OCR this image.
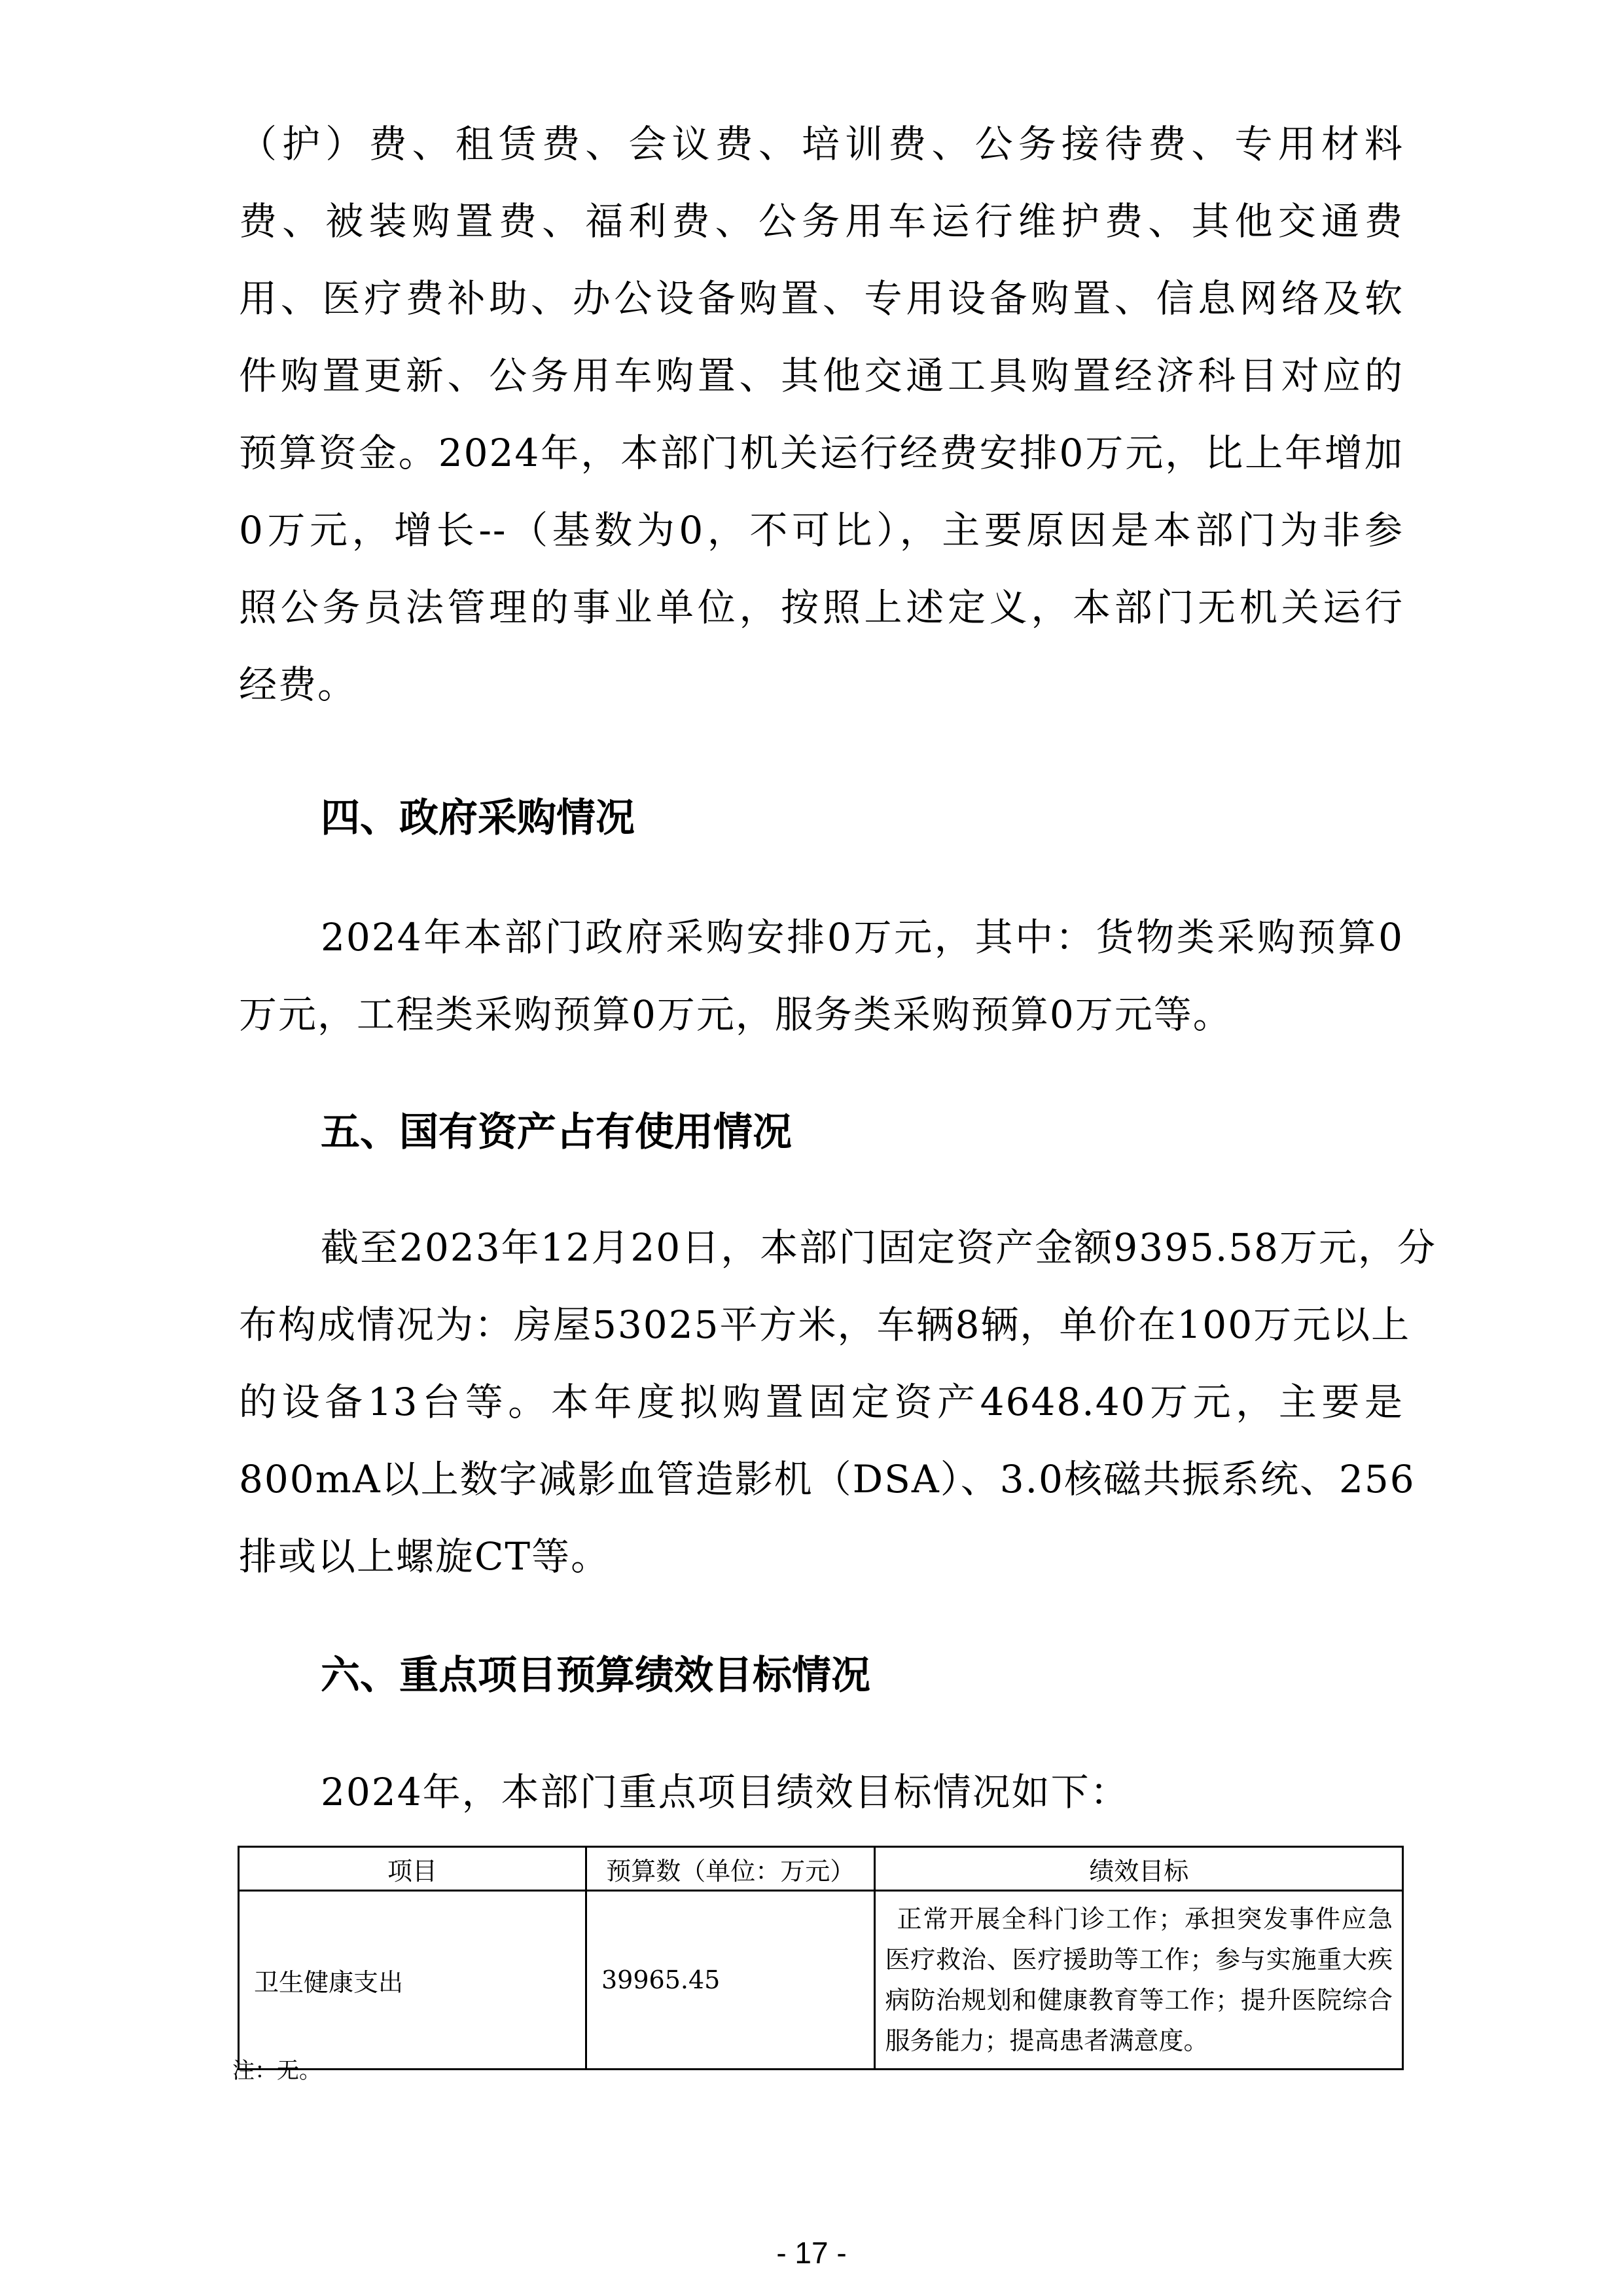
（护）费、租赁费、会议费、培训费、公务接待费、专用材料
费、被装购置费、福利费、公务用车运行维护费、其他交通费
用、医疗费补助、办公设备购置、专用设备购置、信息网络及软
件购置更新、公务用车购置、其他交通工具购置经济科目对应的
预算资金。2024年，本部门机关运行经费安排0万元，比上年增加
0万元，增长--（基数为0，不可比），主要原因是本部门为非参
照公务员法管理的事业单位，按照上述定义，本部门无机关运行
经费。
四、政府采购情况
2024年本部门政府采购安排0万元，其中：货物类采购预算0
万元，工程类采购预算0万元，服务类采购预算0万元等。
五、国有资产占有使用情况
截至2023年12月20日，本部门固定资产金额9395.58万元，分
布构成情况为：房屋53025平方米，车辆8辆，单价在100万元以上
的设备13台等。本年度拟购置固定资产4648.40万元，主要是
800mA以上数字减影血管造影机（DSA）、3.0核磁共振系统、256
排或以上螺旋CT等。
六、重点项目预算绩效目标情况
2024年，本部门重点项目绩效目标情况如下：
项目	预算数（单位：万元）	绩效目标
卫生健康支出	39965.45	正常开展全科门诊工作；承担突发事件应急医疗救治、医疗援助等工作；参与实施重大疾病防治规划和健康教育等工作；提升医院综合服务能力；提高患者满意度。
注：无。
- 17 -
